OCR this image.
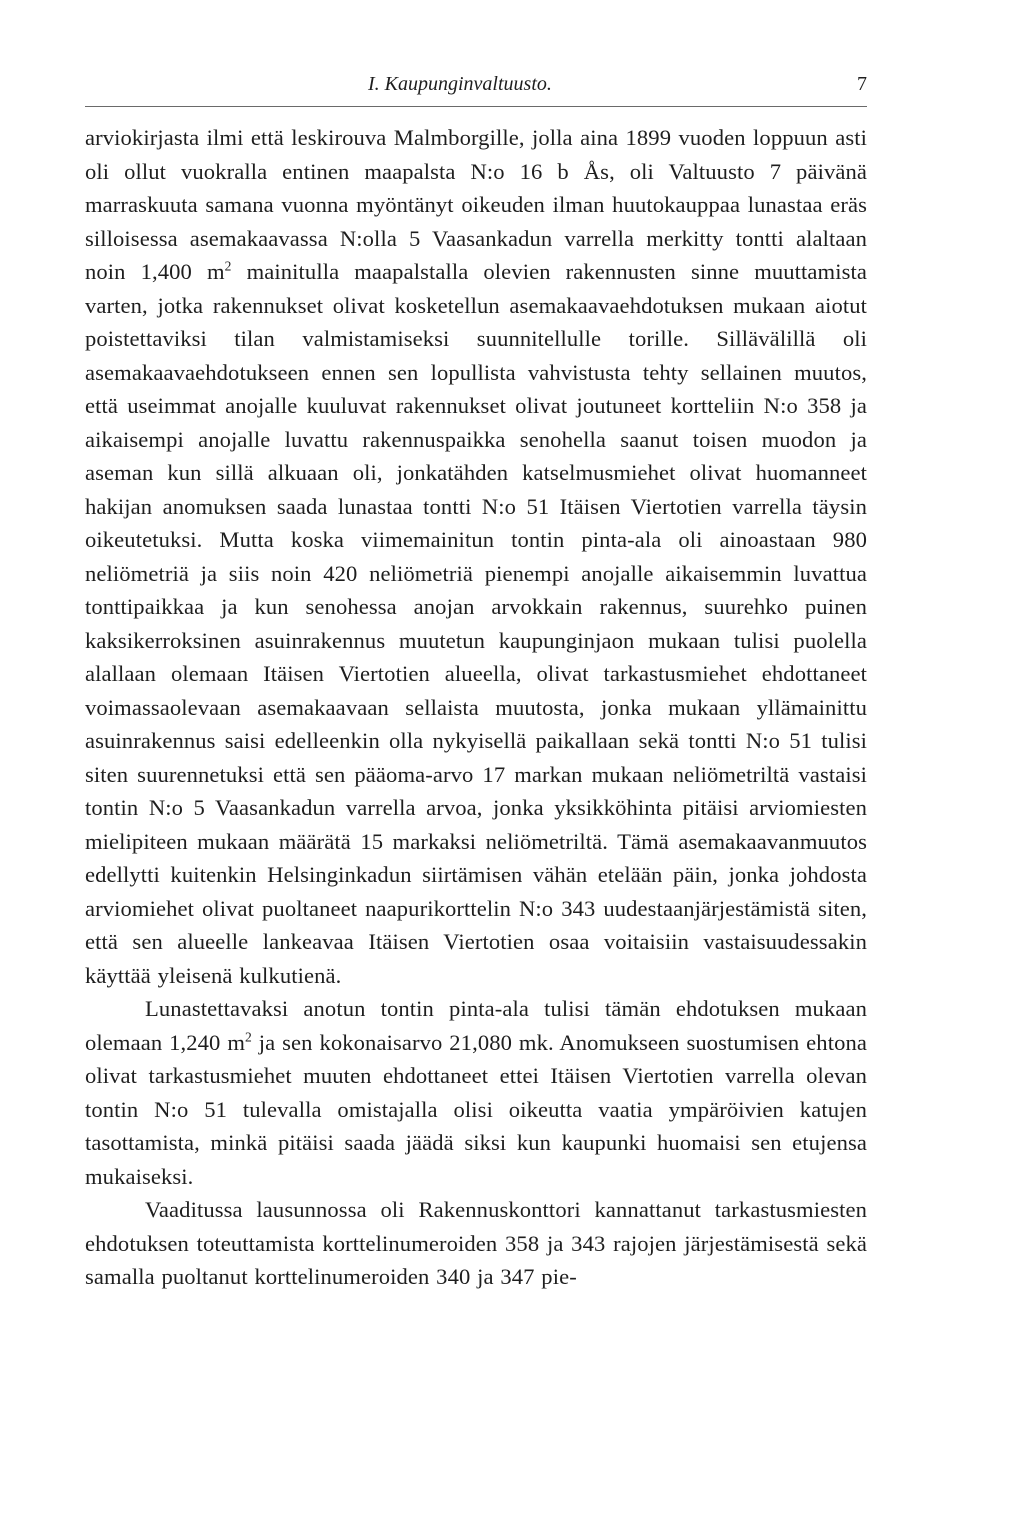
I. Kaupunginvaltuusto.	7

arviokirjasta ilmi että leskirouva Malmborgille, jolla aina 1899 vuoden loppuun asti oli ollut vuokralla entinen maapalsta N:o 16 b Ås, oli Valtuusto 7 päivänä marraskuuta samana vuonna myöntänyt oikeuden ilman huutokauppaa lunastaa eräs silloisessa asemakaavassa N:olla 5 Vaasankadun varrella merkitty tontti alaltaan noin 1,400 $m^2$ mainitulla maapalstalla olevien rakennusten sinne muuttamista varten, jotka rakennukset olivat kosketellun asemakaavaehdotuksen mukaan aiotut poistettaviksi tilan valmistamiseksi suunnitellulle torille. Sillävälillä oli asemakaavaehdotukseen ennen sen lopullista vahvistusta tehty sellainen muutos, että useimmat anojalle kuuluvat rakennukset olivat joutuneet kortteliin N:o 358 ja aikaisempi anojalle luvattu rakennuspaikka senohella saanut toisen muodon ja aseman kun sillä alkuaan oli, jonkatähden katselmusmiehet olivat huomanneet hakijan anomuksen saada lunastaa tontti N:o 51 Itäisen Viertotien varrella täysin oikeutetuksi. Mutta koska viimemainitun tontin pinta-ala oli ainoastaan 980 neliömetriä ja siis noin 420 neliömetriä pienempi anojalle aikaisemmin luvattua tonttipaikkaa ja kun senohessa anojan arvokkain rakennus, suurehko puinen kaksikerroksinen asuinrakennus muutetun kaupunginjaon mukaan tulisi puolella alallaan olemaan Itäisen Viertotien alueella, olivat tarkastusmiehet ehdottaneet voimassaolevaan asemakaavaan sellaista muutosta, jonka mukaan yllämainittu asuinrakennus saisi edelleenkin olla nykyisellä paikallaan sekä tontti N:o 51 tulisi siten suurennetuksi että sen pääoma-arvo 17 markan mukaan neliömetriltä vastaisi tontin N:o 5 Vaasankadun varrella arvoa, jonka yksikköhinta pitäisi arviomiesten mielipiteen mukaan määrätä 15 markaksi neliömetriltä. Tämä asemakaavanmuutos edellytti kuitenkin Helsinginkadun siirtämisen vähän etelään päin, jonka johdosta arviomiehet olivat puoltaneet naapurikorttelin N:o 343 uudestaanjärjestämistä siten, että sen alueelle lankeavaa Itäisen Viertotien osaa voitaisiin vastaisuudessakin käyttää yleisenä kulkutienä.

Lunastettavaksi anotun tontin pinta-ala tulisi tämän ehdotuksen mukaan olemaan 1,240 $m^2$ ja sen kokonaisarvo 21,080 mk. Anomukseen suostumisen ehtona olivat tarkastusmiehet muuten ehdottaneet ettei Itäisen Viertotien varrella olevan tontin N:o 51 tulevalla omistajalla olisi oikeutta vaatia ympäröivien katujen tasottamista, minkä pitäisi saada jäädä siksi kun kaupunki huomaisi sen etujensa mukaiseksi.

Vaaditussa lausunnossa oli Rakennuskonttori kannattanut tarkastusmiesten ehdotuksen toteuttamista korttelinumeroiden 358 ja 343 rajojen järjestämisestä sekä samalla puoltanut korttelinumeroiden 340 ja 347 pie-
